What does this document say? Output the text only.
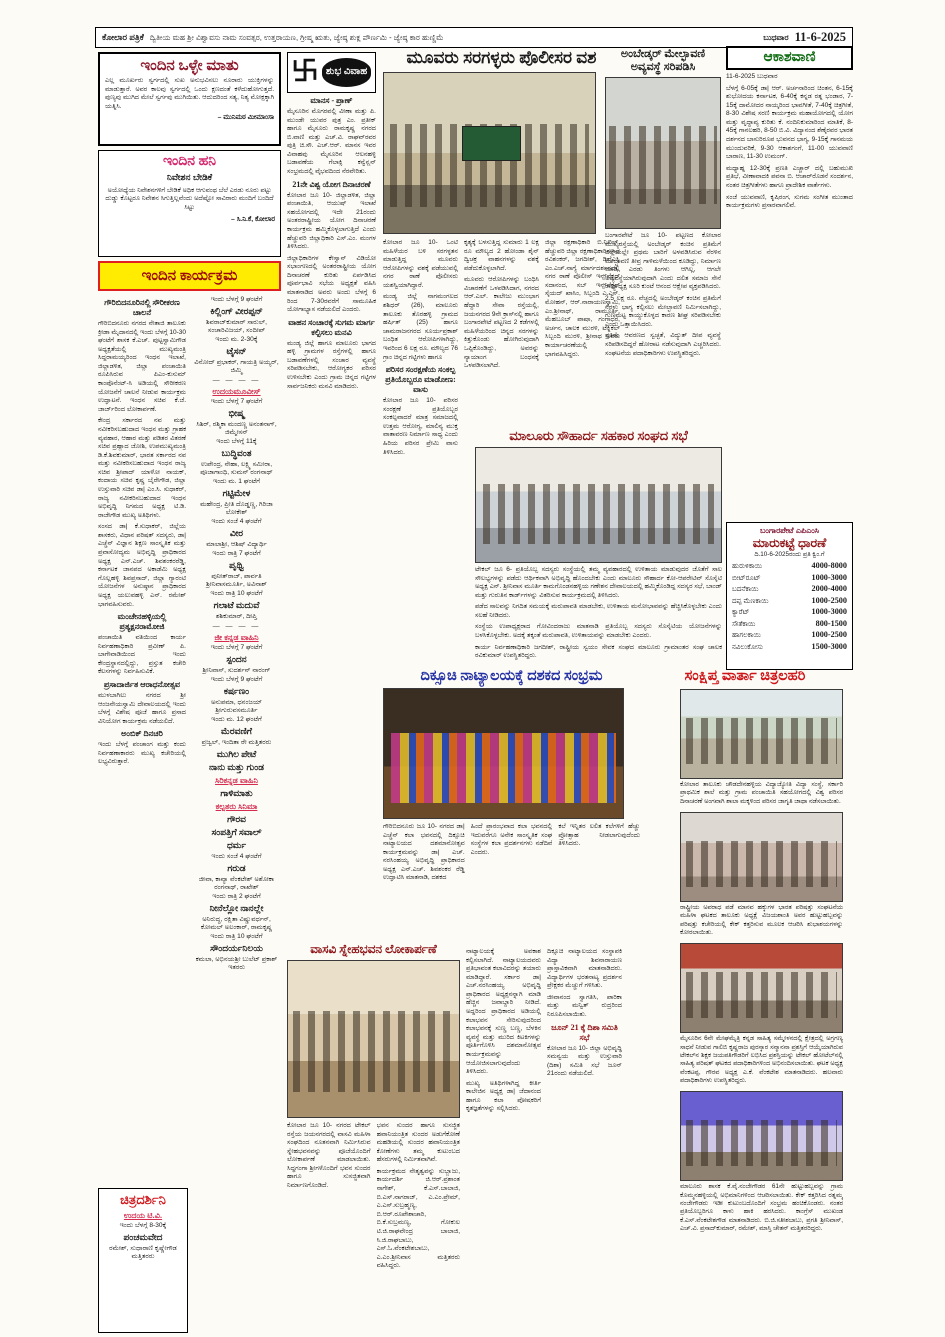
ಕೋಲಾರ ಪತ್ರಿಕೆ ದ್ವಿತೀಯ ಮಹ ಶ್ರೀ ವಿಶ್ವಾವಸು ನಾಮ ಸಂವತ್ಸರ, ಉತ್ತರಾಯಣ, ಗ್ರೀಷ್ಮ ಋತು, ಜ್ಯೇಷ್ಠ ಶುಕ್ಲ ಪೌರ್ಣಮಿ - ಜ್ಯೇಷ್ಠ ಕಾರ ಹುಣ್ಣಿಮೆ	ಬುಧವಾರ 11-6-2025
ಇಂದಿನ ಒಳ್ಳೇ ಮಾತು

ಎಲ್ಲ ಮೂರ್ಖರು ಸ್ವರ್ಗದಲ್ಲಿ ಸುಖ ಅನುಭವಿಸಲು ನೂರಾರು ಯುಕ್ತಿಗಳನ್ನು ಮಾಡುತ್ತಾರೆ. ಅವರ ಕಾಲವು ಸ್ವರ್ಗದಲ್ಲಿ ಒಂದು ಕ್ಷಣದಂತೆ ಕಳೆದುಹೋಗುತ್ತದೆ. ಪುಣ್ಯವು ಮುಗಿದ ಮೇಲೆ ಸ್ವರ್ಗವು ಮುಗಿಯಿತು. ಆದುದರಿಂದ ಸತ್ಯ, ನಿತ್ಯ ಮೋಕ್ಷಕ್ಕಾಗಿ ಯತ್ನಿಸಿ.

– ಮುನಿಮಠ ಮೀಮಾಂಸಾ

ಇಂದಿನ ಹನಿ
ನಿವೇಶನ ಬೇಡಿಕೆ

ಅಯೋಧ್ಯೆಯ ನಿವೇಶನಗಳಿಗೆ ಬೇಡಿಕೆ ಅಧಿಕ ಆಗುವಂಥ ಬೆಲೆ ಎರಡು ನೂರು ಪಟ್ಟು ದುಡ್ಡು ಕೊಟ್ಟರೂ ನಿವೇಶನ ಸಿಗುತ್ತಿಲ್ಲವೆಂದು ಅದೆಷ್ಟೋ ಸಾವಿರಾರು ಮಂದಿಗೆ ಬಂದಿದೆ ಸಿಟ್ಟು

– ಸಿ.ನಿ.ಕೆ, ಕೋಲಾರ

ಇಂದಿನ ಕಾರ್ಯಕ್ರಮ
ಗೌರಿಬಿದನೂರಿನಲ್ಲಿ ಸೌರೀಕರಣ ಚಾಲನೆ

ಗೌರಿಬಿದನೂರು ನಗರದ ನೇತಾಜಿ ತಾಲೂಕು ಕ್ರೀಡಾ ಮೈದಾನದಲ್ಲಿ ಇಂದು ಬೆಳಗ್ಗೆ 10-30 ಘಂಟೆಗೆ ಶಾಸಕ ಕೆ.ಎಚ್. ಪುಟ್ಟಸ್ವಾಮಿಗೌಡ ಅಧ್ಯಕ್ಷತೆಯಲ್ಲಿ ಮುಖ್ಯಮಂತ್ರಿ ಸಿದ್ದರಾಮಯ್ಯರಿಂದ ಇಂಧನ ಇಲಾಖೆ, ಜಿಲ್ಲಾಡಳಿತ, ಜಿಲ್ಲಾ ಪಂಚಾಯಿತಿ ರೂಪಿಸಿರುವ ಪಿಎಂ-ಕುಸುಮ್ ಕಾಂಪೊನೆಂಟ್-ಸಿ ಅಡಿಯಲ್ಲಿ ಸೌರೀಕರಣ ಯೋಜನೆಗೆ ಚಾಲನೆ ನೀಡುವ ಕಾರ್ಯಕ್ರಮ ಉದ್ಘಾಟನೆ. ಇಂಧನ ಸಚಿವ ಕೆ.ಜೆ. ಜಾರ್ಜ್‌ರಿಂದ ಲೋಕಾರ್ಪಣೆ.

ಕೇಂದ್ರ ಸರ್ಕಾರದ ನವ ಮತ್ತು ನವೀಕರಿಸಬಹುದಾದ ಇಂಧನ ಮತ್ತು ಗ್ರಾಹಕ ವ್ಯವಹಾರ, ಆಹಾರ ಮತ್ತು ಪಡಿತರ ವಿತರಣೆ ಸಚಿವ ಪ್ರಹ್ಲಾದ ಜೋಶಿ, ಉಪಮುಖ್ಯಮಂತ್ರಿ ಡಿ.ಕೆ.ಶಿವಕುಮಾರ್, ಭಾರತ ಸರ್ಕಾರದ ನವ ಮತ್ತು ನವೀಕರಿಸಬಹುದಾದ ಇಂಧನ ರಾಜ್ಯ ಸಚಿವ ಶ್ರೀಪಾದ್ ಯಾಳೋ ನಾಯಕ್, ಕಂದಾಯ ಸಚಿವ ಕೃಷ್ಣ ಬೈರೇಗೌಡ, ಜಿಲ್ಲಾ ಉಸ್ತುವಾರಿ ಸಚಿವ ಡಾ| ಎಂ.ಸಿ. ಸುಧಾಕರ್, ರಾಜ್ಯ ನವೀಕರಿಸಬಹುದಾದ ಇಂಧನ ಅಭಿವೃದ್ಧಿ ನಿಗಮದ ಅಧ್ಯಕ್ಷ ಟಿ.ಡಿ. ರಾಜೇಗೌಡ ಮುಖ್ಯ ಅತಿಥಿಗಳು.

ಸಂಸದ ಡಾ| ಕೆ.ಸುಧಾಕರ್, ಜಿಲ್ಲೆಯ ಶಾಸಕರು, ವಿಧಾನ ಪರಿಷತ್ ಸದಸ್ಯರು, ಡಾ| ಎಚ್ಚೆನ್ ವಿಜ್ಞಾನ ಶಿಕ್ಷಣ ಸಾಂಸ್ಕೃತಿಕ ಮತ್ತು ಪ್ರವಾಸೋದ್ಯಮ ಅಭಿವೃದ್ಧಿ ಪ್ರಾಧಿಕಾರದ ಅಧ್ಯಕ್ಷ ಎನ್.ಎಚ್. ಶಿವಶಂಕರರೆಡ್ಡಿ, ಕರ್ನಾಟಕ ಜಾನಪದ ಅಕಾಡೆಮಿ ಅಧ್ಯಕ್ಷ ಗೊಲ್ಲಹಳ್ಳಿ ಶಿವಪ್ರಸಾದ್, ಜಿಲ್ಲಾ ಗ್ಯಾರಂಟಿ ಯೋಜನೆಗಳ ಅನುಷ್ಠಾನ ಪ್ರಾಧಿಕಾರದ ಅಧ್ಯಕ್ಷ ಯಲುವಹಳ್ಳಿ ಎನ್. ರಮೇಶ್ ಭಾಗವಹಿಸುವರು.

ಮಂಚೇನಹಳ್ಳಿಯಲ್ಲಿ ಪ್ರತ್ಯಕ್ಷನರಾಮೋಜಿ

ಪಂಚಾಯಿತಿ ವತಿಯಿಂದ ಕಾರ್ಯ ನಿರ್ವಹಣಾಧಿಕಾರಿ ಪ್ರವೀಣ್ ಪಿ. ಬಾಗೇವಾಡಿಯಿಂದ ಇಂದು ಕೇಂದ್ರಸ್ಥಾನದಲ್ಲಿದ್ದು, ಪ್ರಸ್ತುತ ಕಚೇರಿ ಕೆಲಸಗಳನ್ನು ನಿರ್ವಹಿಸುವಿಕೆ.

ಪ್ರಸಾದಾರ್ಜಿತ ಆರಾಧನೋತ್ಸವ

ಮುಳಬಾಗಿಲು ನಗರದ ಶ್ರೀ ಆಂಜನೇಯಸ್ವಾಮಿ ದೇವಾಲಯದಲ್ಲಿ ಇಂದು ಬೆಳಗ್ಗೆ ವಿಶೇಷ ಪೂಜೆ ಹಾಗೂ ಪ್ರಸಾದ ವಿನಿಯೋಗ ಕಾರ್ಯಕ್ರಮ ನಡೆಯಲಿದೆ.

ಅಂಬಿಕ್ ದಿನಚರಿ

ಇಂದು ಬೆಳಗ್ಗೆ ಪಂಚಾಂಗ ಮತ್ತು ಕಂದು ನಿರ್ವಹಣಾಕಾರರು ಮುಖ್ಯ ಕಚೇರಿಯಲ್ಲಿ ಲಭ್ಯವಿರುತ್ತಾರೆ.

ಚಿತ್ರದರ್ಶಿನಿ
ಉದಯ ಟಿ.ವಿ.
ಇಂದು ಬೆಳಗ್ಗೆ 8-30ಕ್ಕೆ
ಪಂಚಮವೇದ
ರಮೇಶ್, ಸುಧಾರಾಣಿ ಕೃಷ್ಣೇಗೌಡ ಮತ್ತಿತರರು
ಇಂದು ಬೆಳಗ್ಗೆ 9 ಘಂಟೆಗೆ
ಕಿಲ್ಲಿಂಗ್ ವೀರಪ್ಪನ್
ಶಿವರಾಜ್‌ಕುಮಾರ್ ಸಾರುಲ್, ಸಂಚಾರಿವಿಜಯ್, ಸಂದೀಪ್
ಇಂದು ಮ. 2-30ಕ್ಕೆ
ಟೈಸನ್
ವಿನೋದ್ ಪ್ರಭಾಕರ್, ಗಾಯತ್ರಿ ಅಯ್ಯರ್, ಜಿಮ್ಮಿ
— — — —
ಉದಯಮೂವೀಸ್
ಇಂದು ಬೆಳಗ್ಗೆ 7 ಘಂಟೆಗೆ
ಭೀಷ್ಮ
ಸಿಶಿರ್, ರಶ್ಮಿಕಾ ಮಂದಣ್ಣ ಅನಂತನಾಗ್, ಜಿಮ್ಮೇಸನ್
ಇಂದು ಬೆಳಗ್ಗೆ 11ಕ್ಕೆ
ಬುದ್ಧಿವಂತ
ಉಪೇಂದ್ರ, ನೇಹಾ, ಲಕ್ಷ್ಮಿ ಸಮೀರಾ, ಪೂಜಾಗಾಂಧಿ, ಸುಮನ್ ರಂಗನಾಥ್
ಇಂದು ಮ. 1 ಘಂಟೆಗೆ
ಗಟ್ಟಿಮೇಳ
ಮಹೇಂದ್ರ, ಪ್ರೀತಿ ದೊಡ್ಡಣ್ಣ, ಗಿರಿಜಾ ಲೋಕೇಶ್
ಇಂದು ಸಂಜೆ 4 ಘಂಟೆಗೆ
ವೀರ
ಮಾಲಾಶ್ರೀ, ಆಶಿಷ್ ವಿದ್ಯಾರ್ಥಿ
ಇಂದು ರಾತ್ರಿ 7 ಘಂಟೆಗೆ
ಪೃಥ್ವಿ
ಪುನೀತ್‌ರಾಜ್, ಪಾರ್ವತಿ ಶ್ರೀನಿವಾಸಮೂರ್ತಿ, ಅವಿನಾಶ್
ಇಂದು ರಾತ್ರಿ 10 ಘಂಟೆಗೆ
ಗಲಾಟೆ ಮದುವೆ
ಶಶಿಕುಮಾರ್, ದೀಪ್ತಿ
— — — —
ಜೀ ಕನ್ನಡ ವಾಹಿನಿ
ಇಂದು ಬೆಳಗ್ಗೆ 7 ಘಂಟೆಗೆ
ಸ್ಪಂದನ
ಶ್ರೀನಿವಾಸ್, ಸುದರ್ಶನ್ ನಾರಂಗ್
ಇಂದು ಬೆಳಗ್ಗೆ 9 ಘಂಟೆಗೆ
ಕರ್ಷಣಂ
ಅನುಪಮಾ, ಧನಂಜಯ್ ಶ್ರೀಗುರುವಸಮೂರ್ತಿ
ಇಂದು ಮ. 12 ಘಂಟೆಗೆ
ಮೆರವಣಿಗೆ
ಪ್ರಜ್ವಲ್, ಇಂದಿತಾ ರೇ ಮತ್ತಿತರರು
ಮುಗಿಲ ಪೇಟೆ
ನಾನು ಮತ್ತು ಗುಂಡ
ಸಿರಿಕನ್ನಡ ವಾಹಿನಿ
ಗಾಳಿಮಾತು
ಕಲ್ಪತರು ಸಿನಿಮಾ
ಗೌರವ
ಸಂಪತ್ತಿಗೆ ಸವಾಲ್
ಧರ್ಮ
ಇಂದು ಸಂಜೆ 4 ಘಂಟೆಗೆ
ಗರುಡ
ಜೀವಾ, ಕಾವ್ಯಾ ವೆಂಕಟೇಶ್ ಅಶೋಕಾ ರಂಗನಾಥ್, ರಾಖೇಶ್
ಇಂದು ರಾತ್ರಿ 2 ಘಂಟೆಗೆ
ನೀನೆಲ್ಲೋ ನಾನಲ್ಲೇ
ಅನಿರುದ್ಧ, ರಕ್ಷಿತಾ ವಿಷ್ಣುವರ್ಧನ್, ಕೋಮಲ್ ಅಲಂಕಾರ್, ರಾಮಕೃಷ್ಣ
ಇಂದು ರಾತ್ರಿ 10 ಘಂಟೆಗೆ
ಸೌಂದರ್ಯನಿಲಯ
ಕಮಲಾ, ಅಭಿನಯಶ್ರೀ ಬುಲೆಟ್ ಪ್ರಕಾಶ್ ಇತರರು
ಶುಭ ವಿವಾಹ
ಮಾನಸ - ಪ್ರಾಣ್

ಮೈಸೂರಿನ ಮೊಗರವಲ್ಲಿ ವೀಣಾ ಮತ್ತು ಪಿ. ಮುಂಡೇ ಯುವರ ಪುತ್ರ ಎಂ. ಪ್ರತೀಕ್ ಹಾಗೂ ಮೈಸೂರು ರಾಮಕೃಷ್ಣ ನಗರದ ಬಿ.ವಾಣಿ ಮತ್ತು ಎಚ್.ವಿ. ರಾಘವ್‌ರವರ ಪುತ್ರಿ ಚಿ.ಸೌ. ಎಚ್.ಆರ್. ಮಾನಸ ಇವರ ವಿವಾಹವು ಮೈಸೂರಿನ ಆಲನಹಳ್ಳಿ ಬಡಾವಣೆಯ ಗೆಲಾಕ್ಸಿ ಕನ್ವೆನ್ಷನ್ ಸಂಭ್ರಮದಲ್ಲಿ ವೈಭವದಿಂದ ನೆರವೇರಿತು.

21ನೇ ವಿಶ್ವ ಯೋಗ ದಿನಾಚರಣೆ

ಕೋಲಾರ ಜೂ 10- ಜಿಲ್ಲಾಡಳಿತ, ಜಿಲ್ಲಾ ಪಂಚಾಯಿತಿ, ಆಯುಷ್ ಇಲಾಖೆ ಸಹಯೋಗದಲ್ಲಿ ಇದೇ 21ರಂದು ಅಂತರರಾಷ್ಟ್ರೀಯ ಯೋಗ ದಿನಾಚರಣೆ ಕಾರ್ಯಕ್ರಮ ಹಮ್ಮಿಕೊಳ್ಳಲಾಗುತ್ತಿದೆ ಎಂದು ಹೆಚ್ಚುವರಿ ಜಿಲ್ಲಾಧಿಕಾರಿ ಎಸ್.ಎಂ. ಮಂಗಳ ತಿಳಿಸಿದರು.

ಜಿಲ್ಲಾಧಿಕಾರಿಗಳ ಕೇಸ್ವಾನ್ ವಿಡಿಯೋ ಸಭಾಂಗಣದಲ್ಲಿ ಅಂತರರಾಷ್ಟ್ರೀಯ ಯೋಗ ದಿನಾಚರಣೆ ಕುರಿತು ಏರ್ಪಡಿಸಿದ ಪೂರ್ವಭಾವಿ ಸಭೆಯ ಅಧ್ಯಕ್ಷತೆ ವಹಿಸಿ ಮಾತನಾಡಿದ ಅವರು ಅಂದು ಬೆಳಗ್ಗೆ 6 ರಿಂದ 7-30ರವರೆಗೆ ಸಾಮೂಹಿಕ ಯೋಗಾಭ್ಯಾಸ ನಡೆಯಲಿದೆ ಎಂದರು.

ವಾಹನ ಸಂಚಾರಕ್ಕೆ ಸುಗಮ ಮಾರ್ಗ ಕಲ್ಪಿಸಲು ಮನವಿ

ಮಂಡ್ಯ ಜಿಲ್ಲೆ ಹಾಗೂ ಮಾಲೂರು ಭಾಗದ ಹಳ್ಳಿ ಗ್ರಾಮಗಳ ರಸ್ತೆಗಳಲ್ಲಿ ಹಾಗೂ ಬಡಾವಣೆಗಳಲ್ಲಿ ಸಂಚಾರ ವ್ಯವಸ್ಥೆ ಸರಿಪಡಿಸಬೇಕು, ಆರೋಗ್ಯಕರ ಪರಿಸರ ಉಳಿಸಬೇಕು ಎಂದು ಗ್ರಾಮ ಚಿನ್ನದ ಗಟ್ಟಿಗಳ ಸಾರ್ವಜನಿಕರು ಮನವಿ ಮಾಡಿದರು.

ಮೂವರು ಸರಗಳ್ಳರು ಪೊಲೀಸರ ವಶ

ಕೋಲಾರ ಜೂ 10- ಒಂಟಿ ಮಹಿಳೆಯರ ಬಳಿ ಸರಗಳ್ಳತನ ಮಾಡುತ್ತಿದ್ದ ಮೂವರು ಆರೋಪಿಗಳನ್ನು ವಶಕ್ಕೆ ಪಡೆಯುವಲ್ಲಿ ನಗರ ಠಾಣೆ ಪೊಲೀಸರು ಯಶಸ್ವಿಯಾಗಿದ್ದಾರೆ.

ಮಂಡ್ಯ ಜಿಲ್ಲೆ ನಾಗಮಂಗಲದ ಶಶಿಧರ್ (26), ಮಾಲೂರು ತಾಲೂಕು ತೊರಹಳ್ಳಿ ಗ್ರಾಮದ ಹರ್ಷಿತ್ (25) ಹಾಗೂ ಚಾಮರಾಜನಗರದ ಸೂರ್ಯಪ್ರಕಾಶ್ ಬಂಧಿತ ಆರೋಪಿಗಳಾಗಿದ್ದು, ಇವರಿಂದ 6 ಲಕ್ಷ ರೂ. ಮೌಲ್ಯದ 76 ಗ್ರಾಂ ಚಿನ್ನದ ಗಟ್ಟಿಗಳು ಹಾಗೂ

ಪರಿಸರ ಸಂರಕ್ಷಣೆಯ ಸಂಕಲ್ಪ ಪ್ರತಿಯೊಬ್ಬರೂ ಮಾಡೋಣ: ವಾಸು

ಕೋಲಾರ ಜೂ 10- ಪರಿಸರ ಸಂರಕ್ಷಣೆ ಪ್ರತಿಯೊಬ್ಬರ ಸಂಕಲ್ಪವಾದರೆ ಮಾತ್ರ ಸಮಾಜದಲ್ಲಿ ಉತ್ತಮ ಆರೋಗ್ಯ, ಮಾಲಿನ್ಯ ಮುಕ್ತ ವಾತಾವರಣ ನಿರ್ಮಾಣ ಸಾಧ್ಯ ಎಂದು ಹಿರಿಯ ಪರಿಸರ ಪ್ರೇಮಿ ವಾಸು ತಿಳಿಸಿದರು.

ಕೃತ್ಯಕ್ಕೆ ಬಳಸುತ್ತಿದ್ದ ಸುಮಾರು 1 ಲಕ್ಷ ರೂ ಮೌಲ್ಯದ 2 ಹೋಂಡಾ ಶೈನ್ ದ್ವಿಚಕ್ರ ವಾಹನಗಳನ್ನು ವಶಕ್ಕೆ ಪಡೆದುಕೊಳ್ಳಲಾಗಿದೆ.

ಮೂವರು ಆರೋಪಿಗಳನ್ನು ಬಂಧಿಸಿ ವಿಚಾರಣೆಗೆ ಒಳಪಡಿಸಿದಾಗ, ನಗರದ ಆರ್.ಎಲ್. ಕಾಲೇಜು ಮುಂಭಾಗ ಹೆದ್ದಾರಿ ಸೇವಾ ರಸ್ತೆಯಲ್ಲಿ, ಜಯನಗರದ 9ನೇ ಕ್ರಾಸ್‌ನಲ್ಲಿ ಹಾಗೂ ಬಂಗಾರಪೇಟೆ ಪಟ್ಟಣದ 2 ಕಡೆಗಳಲ್ಲಿ ಮಹಿಳೆಯರಿಂದ ಚಿನ್ನದ ಸರಗಳನ್ನು ಕಿತ್ತುಕೊಂಡು ಹೋಗಿರುವುದಾಗಿ ಒಪ್ಪಿಕೊಂಡಿದ್ದು, ಅವರನ್ನು ನ್ಯಾಯಾಂಗ ಬಂಧನಕ್ಕೆ ಒಳಪಡಿಸಲಾಗಿದೆ.

ಜಿಲ್ಲಾ ರಕ್ಷಣಾಧಿಕಾರಿ ಬಿ.ನಿಖಿಲ್, ಹೆಚ್ಚುವರಿ ಜಿಲ್ಲಾ ರಕ್ಷಣಾಧಿಕಾರಿಗಳಾದ ರವಿಶಂಕರ್, ಜಗದೀಶ್, ಡಿವೈಎಸ್ಪಿ ಎಂ.ಎಚ್.ನಾಗ್ಯೆ ಮಾರ್ಗದರ್ಶನದಲ್ಲಿ ನಗರ ಠಾಣೆ ಪೊಲೀಸ್ ಇನ್ಸ್‌ಪೆಕ್ಟರ್ ಸದಾನಂದ, ಸಬ್ ಇನ್ಸ್‌ಪೆಕ್ಟರ್ ಸೈಯದ್ ಖಾಸಿಂ, ಸಿಬ್ಬಂದಿ ಎ.ಎಸ್. ಮೋಹನ್, ಆರ್.ನಾರಾಯಣಸ್ವಾಮಿ, ಎಂ.ಶ್ರೀನಾಥ್, ರಾಮೂರ್ತಿ, ಮೆಹಬೂಬ್ ಪಾಷಾ, ಗಂಗಾಧರ, ಅರ್ಚನ, ಚಾಲಕ ಮುರಳಿ, ಟೆಕ್ನಿಕಲ್ ಸಿಬ್ಬಂದಿ ಮುರಳಿ, ಶ್ರೀನಾಥ ಅವರು ಕಾರ್ಯಾಚರಣೆಯಲ್ಲಿ ಭಾಗವಹಿಸಿದ್ದರು.

ಮಾಲೂರು ಸೌಹಾರ್ದ ಸಹಕಾರ ಸಂಘದ ಸಭೆ

ಟೇಕಲ್ ಜೂ 6- ಪ್ರತಿಯೊಬ್ಬ ಸದಸ್ಯರು ಸಂಸ್ಥೆಯಲ್ಲಿ ತಮ್ಮ ವ್ಯವಹಾರದಲ್ಲಿ ಉಳಿತಾಯ ಮಾಡುವುದರ ಜೊತೆಗೆ ಸಾಲ ಸೌಲಭ್ಯಗಳನ್ನು ಪಡೆದು ಆರ್ಥಿಕವಾಗಿ ಅಭಿವೃದ್ಧಿ ಹೊಂದಬೇಕು ಎಂದು ಮಾಲೂರು ಸೌಹಾರ್ದ ಕೋ-ಆಪರೇಟಿವ್ ಸೊಸೈಟಿ ಅಧ್ಯಕ್ಷ ಎನ್. ಶ್ರೀನಿವಾಸ ಮೂರ್ತಿ ಕಾಮಗೊಂಡನಹಳ್ಳಿಯ ಗಣೇಶನ ದೇವಾಲಯದಲ್ಲಿ ಹಮ್ಮಿಕೊಂಡಿದ್ದ ಸದಸ್ಯರ ಸಭೆ, ಬಾಂಡ್ ಮತ್ತು ಗುರುತಿನ ಕಾರ್ಡ್‌ಗಳನ್ನು ವಿತರಿಸುವ ಕಾರ್ಯಕ್ರಮದಲ್ಲಿ ತಿಳಿಸಿದರು.

ಪಡೆದ ಸಾಲವನ್ನು ನಿಗದಿತ ಸಮಯಕ್ಕೆ ಮರುಪಾವತಿ ಮಾಡಬೇಕು, ಉಳಿತಾಯ ಮನೋಭಾವವನ್ನು ಹೆಚ್ಚಿಸಿಕೊಳ್ಳಬೇಕು ಎಂದು ಸಲಹೆ ನೀಡಿದರು.

ಸಂಸ್ಥೆಯ ಉಪಾಧ್ಯಕ್ಷರಾದ ಗೋವಿಂದರಾಜು ಮಾತನಾಡಿ ಪ್ರತಿಯೊಬ್ಬ ಸದಸ್ಯರು ಸೊಸೈಟಿಯ ಯೋಜನೆಗಳನ್ನು ಬಳಸಿಕೊಳ್ಳಬೇಕು. ಅದಕ್ಕೆ ತಕ್ಕಂತೆ ಮರುಪಾವತಿ, ಉಳಿತಾಯವನ್ನು ಮಾಡಬೇಕು ಎಂದರು.

ಕಾರ್ಯ ನಿರ್ವಹಣಾಧಿಕಾರಿ ಜಗದೀಶ್, ರಾಷ್ಟ್ರೀಯ ಸ್ವಯಂ ಸೇವಕ ಸಂಘದ ಮಾಲೂರು ಗ್ರಾಮಾಂತರ ಸಂಘ ಚಾಲಕ ರವಿಕುಮಾರ್ ಉಪಸ್ಥಿತರಿದ್ದರು.

ಅಂಬೇಡ್ಕರ್ ಮೇಲ್ಛಾವಣಿ ಅವ್ಯವಸ್ಥೆ ಸರಿಪಡಿಸಿ

ಬಂಗಾರಪೇಟೆ ಜೂ 10- ಪಟ್ಟಣದ ಕೋಲಾರ ಮುಖ್ಯರಸ್ತೆಯಲ್ಲಿ ಅಂಬೇಡ್ಕರ್ ಕಂಚಿನ ಪ್ರತಿಮೆಗೆ ಜಿಲ್ಲೆಯಲ್ಲೇ ಪ್ರಥಮ ಬಾರಿಗೆ ಅಳವಡಿಸಿರುವ ನೆರಳಿನ ಮೇಲ್ಛಾವಣಿ ತೀವ್ರ ಗಾಳಿಮಳೆಯಿಂದ ಕೂಡಿದ್ದು, ನಿರ್ಮಾಣ ಮಾಡಿ ಎರಡು ತಿಂಗಳು ಆಗಿಲ್ಲ, ಆಗಲೇ ಅವ್ಯವಸ್ಥೆಯಾಗಿರುವುದಾಗಿ ಎಂದು ದಲಿತ ಸಮಾಜ ಸೇನೆ ರಾಜ್ಯಾಧ್ಯಕ್ಷ ಸೂರಿ ಕುಂಟೆ ಆನಂದ ಆಕ್ಷೇಪ ವ್ಯಕ್ತಪಡಿಸಿದರು.

2.5 ಲಕ್ಷ ರೂ. ವೆಚ್ಚದಲ್ಲಿ ಅಂಬೇಡ್ಕರ್ ಕಂಚಿನ ಪ್ರತಿಮೆಗೆ ನೆರಳು ಭಾಗ್ಯ ಕಲ್ಪಿಸಲು ಮೇಲ್ಛಾವಣಿ ನಿರ್ಮಿಸಲಾಗಿದ್ದು, ಗುಣಮಟ್ಟ ಕಾಯ್ದುಕೊಳ್ಳದ ಕಾರಣ ಶೀಘ್ರ ಸರಿಪಡಿಸಬೇಕು ಎಂದು ಒತ್ತಾಯಿಸಿದರು.

ಪ್ರತಿಮೆ ಆವರಣದ ಸ್ವಚ್ಛತೆ, ವಿದ್ಯುತ್ ದೀಪ ವ್ಯವಸ್ಥೆ ಸರಿಪಡಿಸದಿದ್ದರೆ ಹೋರಾಟ ನಡೆಸುವುದಾಗಿ ಎಚ್ಚರಿಸಿದರು. ಸಂಘಟನೆಯ ಪದಾಧಿಕಾರಿಗಳು ಉಪಸ್ಥಿತರಿದ್ದರು.

ಆಕಾಶವಾಣಿ

11-6-2025 ಬುಧವಾರ

ಬೆಳಗ್ಗೆ 6-05ಕ್ಕೆ ಡಾ| ಆರ್. ಅರ್ಚನಾರಿಂದ ಚಿಂತನ, 6-15ಕ್ಕೆ ಶುಭೋದಯ ಕರ್ನಾಟಕ, 6-40ಕ್ಕೆ ಕನ್ನಡ ರತ್ನ ಭಂಡಾರ, 7-15ಕ್ಕೆ ದಾಮೋದರ ನಾಯ್ಕರಿಂದ ಭಾವಗೀತೆ, 7-40ಕ್ಕೆ ಚಿತ್ರಗೀತೆ, 8-30 ವಿಶೇಷ ಸರಣಿ ಕಾರ್ಯಕ್ರಮ ಮಹಾಯೋಗದಲ್ಲಿ ಯೋಗ ಮತ್ತು ವೃದ್ಧಾಪ್ಯ ಕುರಿತು ಕೆ. ನಂದಿನಿಕುಮಾರಿಂದ ಮಾತಿಕೆ, 8-45ಕ್ಕೆ ಗಾನಲಹರಿ, 8-50 ಬಿ.ವಿ. ವಿದ್ಯಾನಂದ ಶೆಣೈರವರ ಭಾರತ ದರ್ಶನದ ಬಾಸುರಿರೂಪ ಭುವನದ ಭಾಗ್ಯ, 9-15ಕ್ಕೆ ಗಾನಮಯ ಮುಂದುವರಿಕೆ, 9-30 ಆಕಾಶಗಂಗೆ, 11-00 ಯುವವಾಣಿ ಬಾರಾಣ, 11-30 ಉಮಂಗ್.

ಮಧ್ಯಾಹ್ನ 12-30ಕ್ಕೆ ಪ್ರಣತಿ ಎಚ್ಚಾರ್ ದಲ್ಲಿ ಬಹುಮುಖಿ ಪ್ರತಿಭೆ, ವೀಣಾವಾದಕಿ ಪವನಾ ಬಿ. ಆಚಾರ್‌ರೊಡನೆ ಸಂದರ್ಶನ, ನಂತರ ಚಿತ್ರಗೀತೆಗಳು ಹಾಗೂ ಪ್ರಾದೇಶಿಕ ವಾರ್ತೆಗಳು.

ಸಂಜೆ ಯುವವಾಣಿ, ಕೃಷಿರಂಗ, ಸುಗಮ ಸಂಗೀತ ಮುಂತಾದ ಕಾರ್ಯಕ್ರಮಗಳು ಪ್ರಸಾರವಾಗಲಿವೆ.

ಬಂಗಾರಪೇಟೆ ಎಪಿಎಂಸಿ
ಮಾರುಕಟ್ಟೆ ಧಾರಣೆ
ದಿ.10-6-2025ರಂದು ಪ್ರತಿ ಕ್ವಿಂ.ಗೆ
ಹುರುಳಿಕಾಯಿ	4000-8000
ಬೀಟ್‌ರೂಟ್	1000-3000
ಬದನೆಕಾಯಿ	2000-4000
ದಪ್ಪ ಮೆಣಕಾಯಿ	1000-2500
ಕ್ಯಾರೆಟ್	1000-3000
ಸೌತೆಕಾಯಿ	800-1500
ಹಾಗಲಕಾಯಿ	1000-2500
ನವಿಲುಕೋಸು	1500-3000
ದಿಕ್ಸೂಚಿ ನಾಟ್ಯಾಲಯಕ್ಕೆ ದಶಕದ ಸಂಭ್ರಮ

ಗೌರಿಬಿದನೂರು ಜೂ 10- ನಗರದ ಡಾ| ಎಚ್ಚೆನ್ ಕಲಾ ಭವನದಲ್ಲಿ ದಿಕ್ಸೂಚಿ ನಾಟ್ಯಾಲಯದ ದಶಮಾನೋತ್ಸವ ಕಾರ್ಯಕ್ರಮವನ್ನು ಡಾ| ಎಚ್. ನರಸಿಂಹಯ್ಯ ಅಭಿವೃದ್ಧಿ ಪ್ರಾಧಿಕಾರದ ಅಧ್ಯಕ್ಷ ಎನ್.ಎಚ್. ಶಿವಶಂಕರ ರೆಡ್ಡಿ ಉದ್ಘಾಟಿಸಿ ಮಾತನಾಡಿ, ದಶಕದ

ಹಿಂದೆ ಪ್ರಾರಂಭವಾದ ಕಲಾ ಭವನದಲ್ಲಿ ಇದುವರೆಗೂ ಅನೇಕ ಸಾಂಸ್ಕೃತಿಕ ಸಂಘ ಸಂಸ್ಥೆಗಳ ಕಲಾ ಪ್ರದರ್ಶನಗಳು ನಡೆದಿವೆ ಎಂದರು.

ಕಲೆ ಇನ್ನಿತರ ಲಲಿತ ಕಲೆಗಳಿಗೆ ಹೆಚ್ಚು ಪ್ರೋತ್ಸಾಹ ನೀಡಲಾಗುವುದೆಂದು ತಿಳಿಸಿದರು.

ವಾಸವಿ ಸ್ನೇಹಭವನ ಲೋಕಾರ್ಪಣೆ

ಕೋಲಾರ ಜೂ 10- ನಗರದ ಟೇಕಲ್ ರಸ್ತೆಯ ಜಯನಗರದಲ್ಲಿ ವಾಸವಿ ಮಹಿಳಾ ಸಂಘದಿಂದ ನೂತನವಾಗಿ ನಿರ್ಮಿಸಿರುವ ಸ್ನೇಹಭವನವನ್ನು ಪೂಜೆಯೊಂದಿಗೆ ಲೋಕಾರ್ಪಣೆ ಮಾಡಲಾಯಿತು. ಸಿದ್ಧಗಂಗಾ ಶ್ರೀಗಳೊಂದಿಗೆ ಭವನ ಸುಂದರ ಹಾಗೂ ಸುಸಜ್ಜಿತವಾಗಿ ನಿರ್ಮಾಣಗೊಂಡಿದೆ.

ಭವನ ಸುಂದರ ಹಾಗೂ ಸುಸಜ್ಜಿತ ಹವಾನಿಯಂತ್ರಿತ ಸುಂದರ ಅಡುಗೆಕೋಣೆ ಮಹಡಿಯಲ್ಲಿ ಸುಂದರ ಹವಾನಿಯಂತ್ರಿತ ಕೋಣೆಗಳು ತಮ್ಮ ಕುಟುಂಬದ ಹೆಸರುಗಳಲ್ಲಿ ನಿರ್ಮಿತವಾಗಿವೆ.

ಕಾರ್ಯಕ್ರಮದ ನೇತೃತ್ವವನ್ನು ಸುಬ್ಬಾಜು, ಕಾರ್ಯದರ್ಶಿ ಜಿ.ಆರ್.ಪ್ರಶಾಂತ ನಾಗೇಶ್, ಕೆ.ಎಸ್.ಬಾಲಾಜಿ, ಬಿ.ಎಸ್.ನಾಗರಾಜ್, ಎ.ಎಂ.ಪ್ರೇಮ್, ಎ.ಎಸ್.ಸುಬ್ರಹ್ಮಣ್ಯ, ಬಿ.ಆರ್.ರೂಪೇಶಾಚಾರಿ, ಬಿ.ಕೆ.ಸುಬ್ರಮಣ್ಯ, ಗೋಕುಲ ಟಿ.ಜಿ.ರಾಘವೇಂದ್ರ ಬಾಲಾಜಿ, ಸಿ.ಜಿ.ರಾಘಬಾಬು, ಎಸ್.ಓ.ವೆಂಕಟೇಶಬಾಬು, ಎ.ಎಂ.ಶ್ರೀನಿವಾಸ ಮತ್ತಿತರರು ವಹಿಸಿದ್ದರು.

ನಾಟ್ಯಾಲಯಕ್ಕೆ ಅವಕಾಶ ಕಲ್ಪಿಸಲಾಗಿದೆ. ನಾಟ್ಯಾಲಯದವರು ಪ್ರತಿಭಾವಂತ ಕಲಾವಿದರನ್ನು ತಯಾರು ಮಾಡಿದ್ದಾರೆ. ಸರ್ಕಾರ ಡಾ| ಎಚ್.ನರಸಿಂಹಯ್ಯ ಅಭಿವೃದ್ಧಿ ಪ್ರಾಧಿಕಾರದ ಅಧ್ಯಕ್ಷನನ್ನಾಗಿ ಮಾಡಿ ಹೆಚ್ಚಿನ ಜವಾಬ್ದಾರಿ ನೀಡಿದೆ. ಅದ್ದರಿಂದ ಪ್ರಾಧಿಕಾರದ ಅಡಿಯಲ್ಲಿ ಕಲಾಭವನ ಸೇರಿಸುವುದರಿಂದ ಕಲಾಭವನಕ್ಕೆ ಸುಣ್ಣ ಬಣ್ಣ, ಬೆಳಕಿನ ವ್ಯವಸ್ಥೆ ಮತ್ತು ಮುರಿದ ಕಿಟಕಿಗಳನ್ನು ಪೂರ್ತಿಗೊಳಿಸಿ ದಶಮಾನೋತ್ಸವ ಕಾರ್ಯಕ್ರಮವನ್ನು ಆಯೋಜಿಸಲಾಗುವುದೆಂದು ತಿಳಿಸಿದರು.

ಮುಖ್ಯ ಅತಿಥಿಗಳಾಗಿದ್ದ ಕೀರ್ತಿ ಕಾಲೇಜಿನ ಅಧ್ಯಕ್ಷ ಡಾ| ಜೆದಾನಂದ ಹಾಗೂ ಕಲಾ ಪೋಷಕರಿಗೆ ಕೃತಜ್ಞತೆಗಳನ್ನು ಸಲ್ಲಿಸಿದರು.

ದಿಕ್ಸೂಚಿ ನಾಟ್ಯಾಲಯದ ಸಂಸ್ಥಾಪಕಿ ವಿದ್ಯಾ ಶಿವನಾರಾಯಣ ಪ್ರಾಸ್ತಾವಿಕವಾಗಿ ಮಾತನಾಡಿದರು. ವಿದ್ಯಾರ್ಥಿಗಳ ಭರತನಾಟ್ಯ ಪ್ರದರ್ಶನ ಪ್ರೇಕ್ಷಕರ ಮೆಚ್ಚುಗೆ ಗಳಿಸಿತು.

ಜೀವಾನಂದ ಸ್ವಾಗತಿಸಿ, ಪಾರಿಕಾ ಮತ್ತು ಮನ್ವಿತ್ ರುದ್ರರಿಂದ ನಿರೂಪಿಸಲಾಯಿತು.

ಜೂನ್ 21 ಕ್ಕೆ ದಿಶಾ ಸಮಿತಿ ಸಭೆ

ಕೋಲಾರ ಜೂ 10- ಜಿಲ್ಲಾ ಅಭಿವೃದ್ಧಿ ಸಮನ್ವಯ ಮತ್ತು ಉಸ್ತುವಾರಿ (ದಿಶಾ) ಸಮಿತಿ ಸಭೆ ಜೂನ್ 21ರಂದು ನಡೆಯಲಿದೆ.

ಸಂಕ್ಷಿಪ್ತ ವಾರ್ತಾ ಚಿತ್ರಲಹರಿ

ಕೋಲಾರ ತಾಲೂಕು ಚೌಡದೇನಹಳ್ಳಿಯ ವಿದ್ಯಾಜ್ಯೋತಿ ವಿದ್ಯಾ ಸಂಸ್ಥೆ, ಸರ್ಕಾರಿ ಪ್ರಾಥಮಿಕ ಶಾಲೆ ಮತ್ತು ಗ್ರಾಮ ಪಂಚಾಯಿತಿ ಸಹಯೋಗದಲ್ಲಿ ವಿಶ್ವ ಪರಿಸರ ದಿನಾಚರಣೆ ಅಂಗವಾಗಿ ಶಾಲಾ ಮಕ್ಕಳಿಂದ ಪರಿಸರ ಜಾಗೃತಿ ಜಾಥಾ ನಡೆಸಲಾಯಿತು.

ರಾಷ್ಟ್ರೀಯ ಅಪರಾಧ ಪಡೆ ಮಾನವ ಹಕ್ಕುಗಳ ಭಾರತ ಪರಿಷತ್ತು ಸಂಘಟನೆಯ ಮಹಿಳಾ ಘಟಕದ ತಾಲೂಕು ಅಧ್ಯಕ್ಷೆ ವಿಜಯಶಾಂತಿ ಅವರ ಹುಟ್ಟುಹಬ್ಬವನ್ನು ಪರಿಷತ್ತು ಕಚೇರಿಯಲ್ಲಿ ಕೇಕ್ ಕತ್ತರಿಸುವ ಮೂಲಕ ಆಚರಿಸಿ ಶುಭಾಶಯಗಳನ್ನು ಕೋರಲಾಯಿತು.

ಮೈಸೂರಿನ 6ನೇ ಮೇಘಮೈತ್ರಿ ಕನ್ನಡ ಸಾಹಿತ್ಯ ಸಮ್ಮೇಳನದಲ್ಲಿ ಕ್ಷೇತ್ರದಲ್ಲಿ ಅಗ್ರಗಣ್ಯ ಸಾಧನೆ ನೀಡುವ ಗಾಲಿಬಿ ಕೃಷ್ಣರಾಜ ಪುರಸ್ಕಾರ ಸನ್ಮಾನನಾ ಪ್ರಶಸ್ತಿಗೆ ಆಯ್ಕೆಯಾಗಿರುವ ಟೇಕಲ್‌ನ ಶಿಕ್ಷಕ ಜಯಪತಿಗೌಡರಿಗೆ ಲಭಿಸಿದ ಪ್ರಶಸ್ತಿಯನ್ನು ಟೇಕಲ್ ಹೋಟೆಲ್‌ನಲ್ಲಿ ಸಾಹಿತ್ಯ ಪರಿಷತ್ ಘಟಕದ ಪದಾಧಿಕಾರಿಗಳಿಂದ ಅಭಿನಂದಿಸಲಾಯಿತು. ಘಟಕ ಅಧ್ಯಕ್ಷ ವೆಂಕಟಪ್ಪ, ಗೌರವ ಅಧ್ಯಕ್ಷ ಎ.ಕೆ. ವೆಂಕಟೇಶ ಮಾತನಾಡಿದರು. ಹಲವಾರು ಪದಾಧಿಕಾರಿಗಳು ಉಪಸ್ಥಿತರಿದ್ದರು.

ಮಾಲೂರು ಶಾಸಕ ಕೆ.ವೈ.ನಂಜೇಗೌಡರ 61ನೇ ಹುಟ್ಟುಹಬ್ಬವನ್ನು ಗ್ರಾಮ ಕೊಮ್ಮನಹಳ್ಳಿಯಲ್ಲಿ ಅಭಿಮಾನಿಗಳಿಂದ ಆಚರಿಸಲಾಯಿತು. ಕೇಕ್ ಕತ್ತರಿಸಿದ ರತ್ನಮ್ಮ ನಂಜೇಗೌಡರು ಇಡೀ ಕುಟುಂಬದೊಂದಿಗೆ ಸಂಭ್ರಮ ಹಂಚಿಕೊಂಡರು. ನಂತರ ಪ್ರತಿಯೊಬ್ಬರಿಗೂ ಕಾಳು ಹಾಕಿ ಹರಸಿದರು. ಕಾಂಗ್ರೆಸ್ ಮುಖಂಡ ಕೆ.ಎಸ್.ವೆಂಕಟೇಶಗೌಡ ಮಾತನಾಡಿದರು. ಬಿ.ಜಿ.ಸತೀಶಬಾಬು, ಪ್ರಗತಿ ಶ್ರೀನಿವಾಸ್, ಎಚ್.ವಿ. ಪ್ರಸಾದ್‌ಕುಮಾರ್, ರಮೇಶ್, ಮಾಸ್ತಿ ಚೇತನ್ ಮತ್ತಿತರರಿದ್ದರು.
